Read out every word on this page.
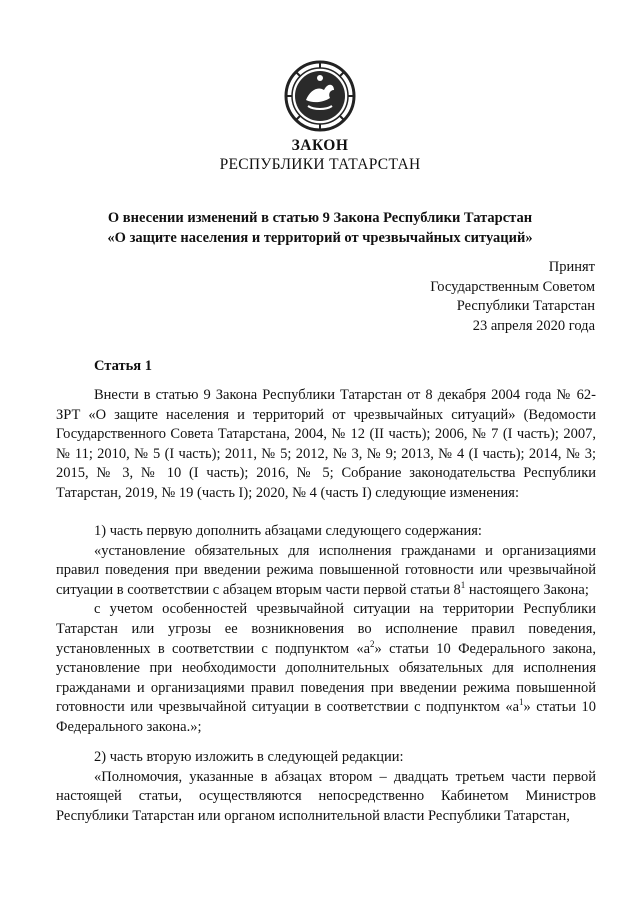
ЗАКОН
РЕСПУБЛИКИ ТАТАРСТАН
О внесении изменений в статью 9 Закона Республики Татарстан
«О защите населения и территорий от чрезвычайных ситуаций»
Принят
Государственным Советом
Республики Татарстан
23 апреля 2020 года
Статья 1

Внести в статью 9 Закона Республики Татарстан от 8 декабря 2004 года № 62-ЗРТ «О защите населения и территорий от чрезвычайных ситуаций» (Ведомости Государственного Совета Татарстана, 2004, № 12 (II часть); 2006, № 7 (I часть); 2007, № 11; 2010, № 5 (I часть); 2011, № 5; 2012, № 3, № 9; 2013, № 4 (I часть); 2014, № 3; 2015, № 3, № 10 (I часть); 2016, № 5; Собрание законодательства Республики Татарстан, 2019, № 19 (часть I); 2020, № 4 (часть I) следующие изменения:

1) часть первую дополнить абзацами следующего содержания:

«установление обязательных для исполнения гражданами и организациями правил поведения при введении режима повышенной готовности или чрезвычайной ситуации в соответствии с абзацем вторым части первой статьи $8^1$ настоящего Закона;

с учетом особенностей чрезвычайной ситуации на территории Республики Татарстан или угрозы ее возникновения во исполнение правил поведения, установленных в соответствии с подпунктом «$а^2$» статьи 10 Федерального закона, установление при необходимости дополнительных обязательных для исполнения гражданами и организациями правил поведения при введении режима повышенной готовности или чрезвычайной ситуации в соответствии с подпунктом «$а^1$» статьи 10 Федерального закона.»;

2) часть вторую изложить в следующей редакции:

«Полномочия, указанные в абзацах втором – двадцать третьем части первой настоящей статьи, осуществляются непосредственно Кабинетом Министров Республики Татарстан или органом исполнительной власти Республики Татарстан,
